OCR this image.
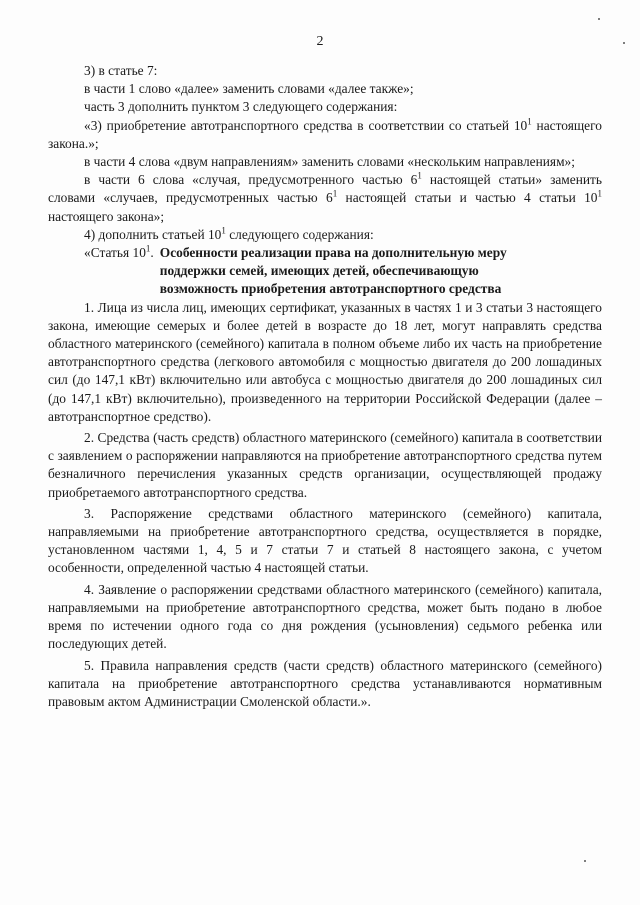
2

3) в статье 7:

в части 1 слово «далее» заменить словами «далее также»;

часть 3 дополнить пунктом 3 следующего содержания:

«3) приобретение автотранспортного средства в соответствии со статьей $10^1$ настоящего закона.»;

в части 4 слова «двум направлениям» заменить словами «нескольким направлениям»;

в части 6 слова «случая, предусмотренного частью $6^1$ настоящей статьи» заменить словами «случаев, предусмотренных частью $6^1$ настоящей статьи и частью 4 статьи $10^1$ настоящего закона»;

4) дополнить статьей $10^1$ следующего содержания:

«Статья $10^1$. Особенности реализации права на дополнительную меру
поддержки семей, имеющих детей, обеспечивающую
возможность приобретения автотранспортного средства

1. Лица из числа лиц, имеющих сертификат, указанных в частях 1 и 3 статьи 3 настоящего закона, имеющие семерых и более детей в возрасте до 18 лет, могут направлять средства областного материнского (семейного) капитала в полном объеме либо их часть на приобретение автотранспортного средства (легкового автомобиля с мощностью двигателя до 200 лошадиных сил (до 147,1 кВт) включительно или автобуса с мощностью двигателя до 200 лошадиных сил (до 147,1 кВт) включительно), произведенного на территории Российской Федерации (далее – автотранспортное средство).

2. Средства (часть средств) областного материнского (семейного) капитала в соответствии с заявлением о распоряжении направляются на приобретение автотранспортного средства путем безналичного перечисления указанных средств организации, осуществляющей продажу приобретаемого автотранспортного средства.

3. Распоряжение средствами областного материнского (семейного) капитала, направляемыми на приобретение автотранспортного средства, осуществляется в порядке, установленном частями 1, 4, 5 и 7 статьи 7 и статьей 8 настоящего закона, с учетом особенности, определенной частью 4 настоящей статьи.

4. Заявление о распоряжении средствами областного материнского (семейного) капитала, направляемыми на приобретение автотранспортного средства, может быть подано в любое время по истечении одного года со дня рождения (усыновления) седьмого ребенка или последующих детей.

5. Правила направления средств (части средств) областного материнского (семейного) капитала на приобретение автотранспортного средства устанавливаются нормативным правовым актом Администрации Смоленской области.».
